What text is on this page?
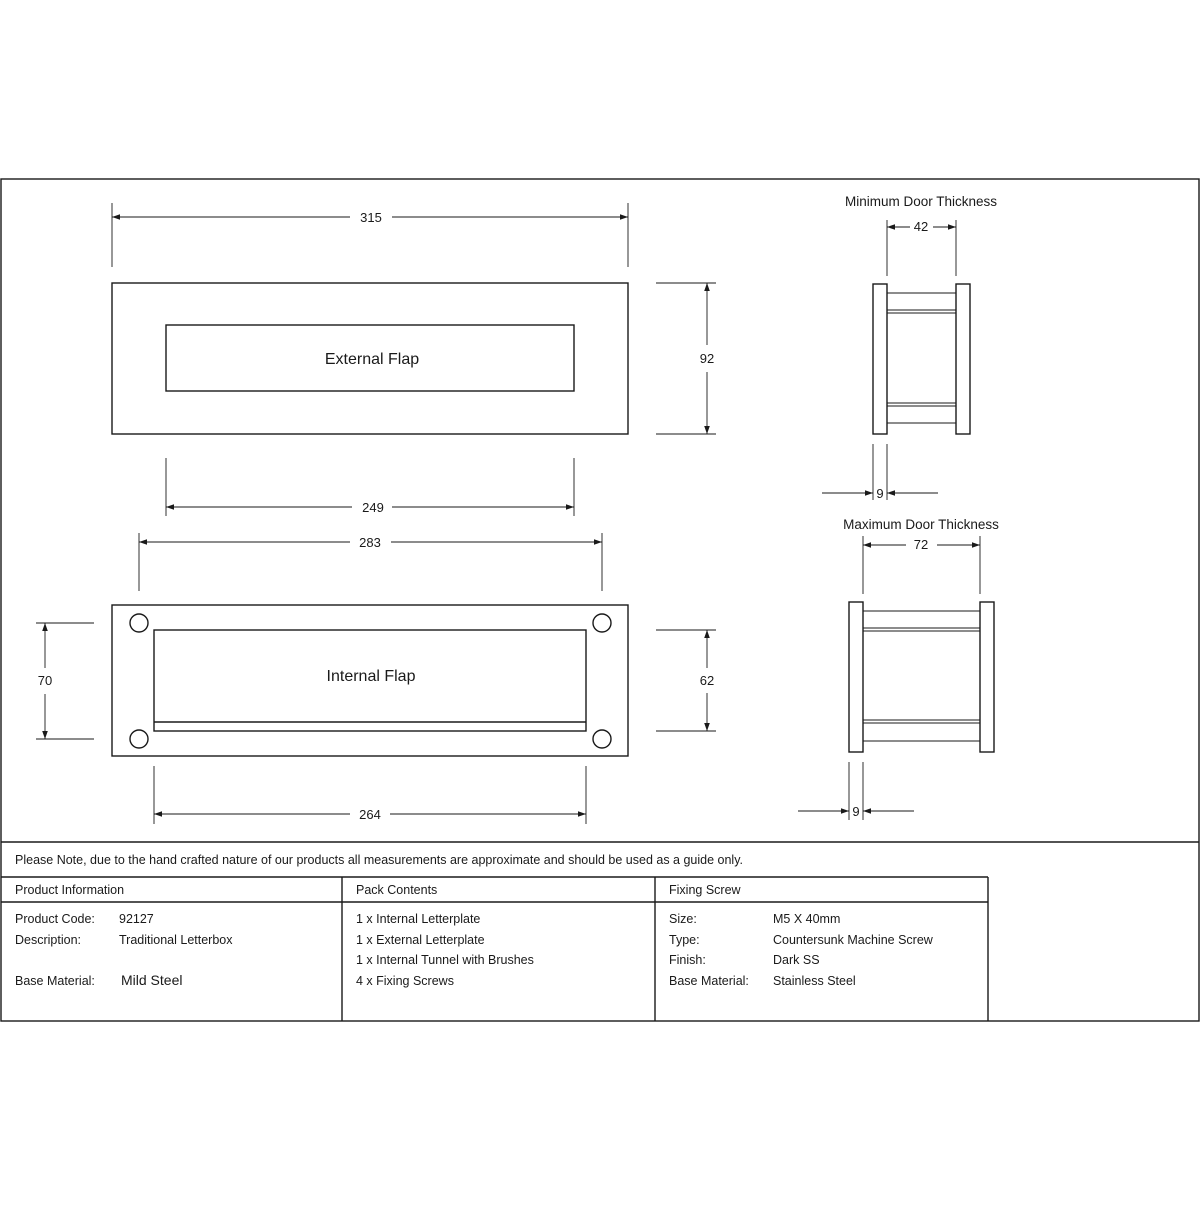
External Flap
315
92
249
Internal Flap
283
70	62
264
Minimum Door Thickness
42
9
Maximum Door Thickness
72
9
Please Note, due to the hand crafted nature of our products all measurements are approximate and should be used as a guide only.
Product Information	Pack Contents	Fixing Screw
Product Code: 92127
Description:	Traditional Letterbox
Base Material: Mild Steel
1 x Internal Letterplate
1 x External Letterplate
1 x Internal Tunnel with Brushes
4 x Fixing Screws
Size:	M5 X 40mm
Type:	Countersunk Machine Screw
Finish:	Dark SS
Base Material: Stainless Steel
